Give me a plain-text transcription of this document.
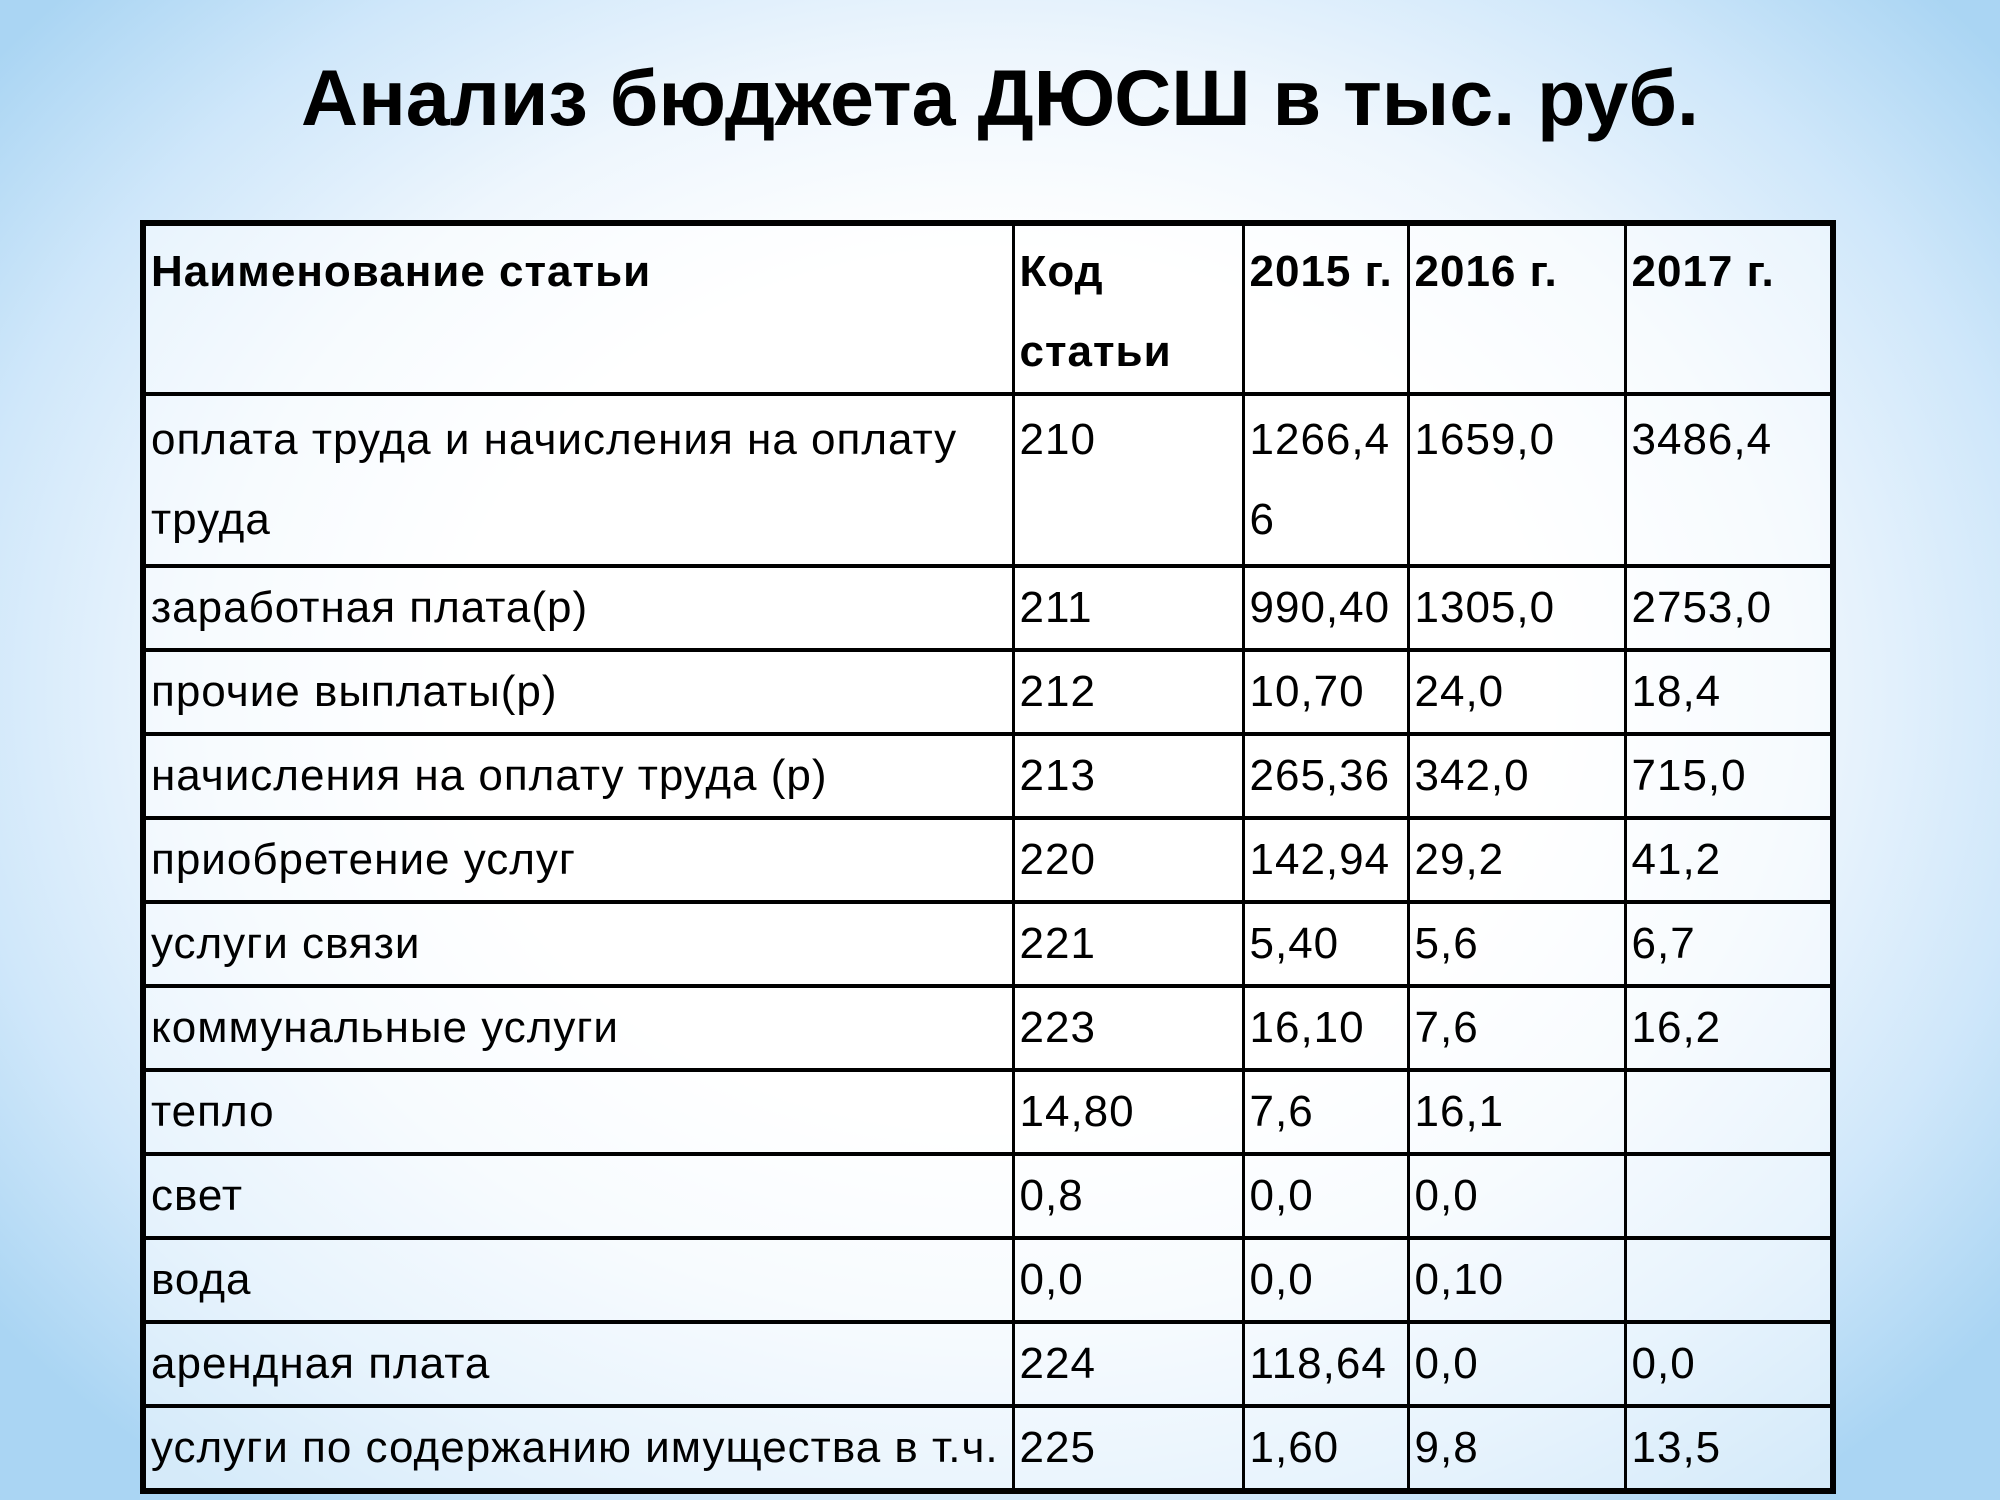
Анализ бюджета ДЮСШ в тыс. руб.
Наименование статьи	Код статьи	2015 г.	2016 г.	2017 г.
оплата труда и начисления на оплату труда	210	1266,46	1659,0	3486,4
заработная плата(р)	211	990,40	1305,0	2753,0
прочие выплаты(р)	212	10,70	24,0	18,4
начисления на оплату труда (р)	213	265,36	342,0	715,0
приобретение услуг	220	142,94	29,2	41,2
услуги связи	221	5,40	5,6	6,7
коммунальные услуги	223	16,10	7,6	16,2
тепло	14,80	7,6	16,1	
свет	0,8	0,0	0,0	
вода	0,0	0,0	0,10	
арендная плата	224	118,64	0,0	0,0
услуги по содержанию имущества в т.ч.	225	1,60	9,8	13,5
